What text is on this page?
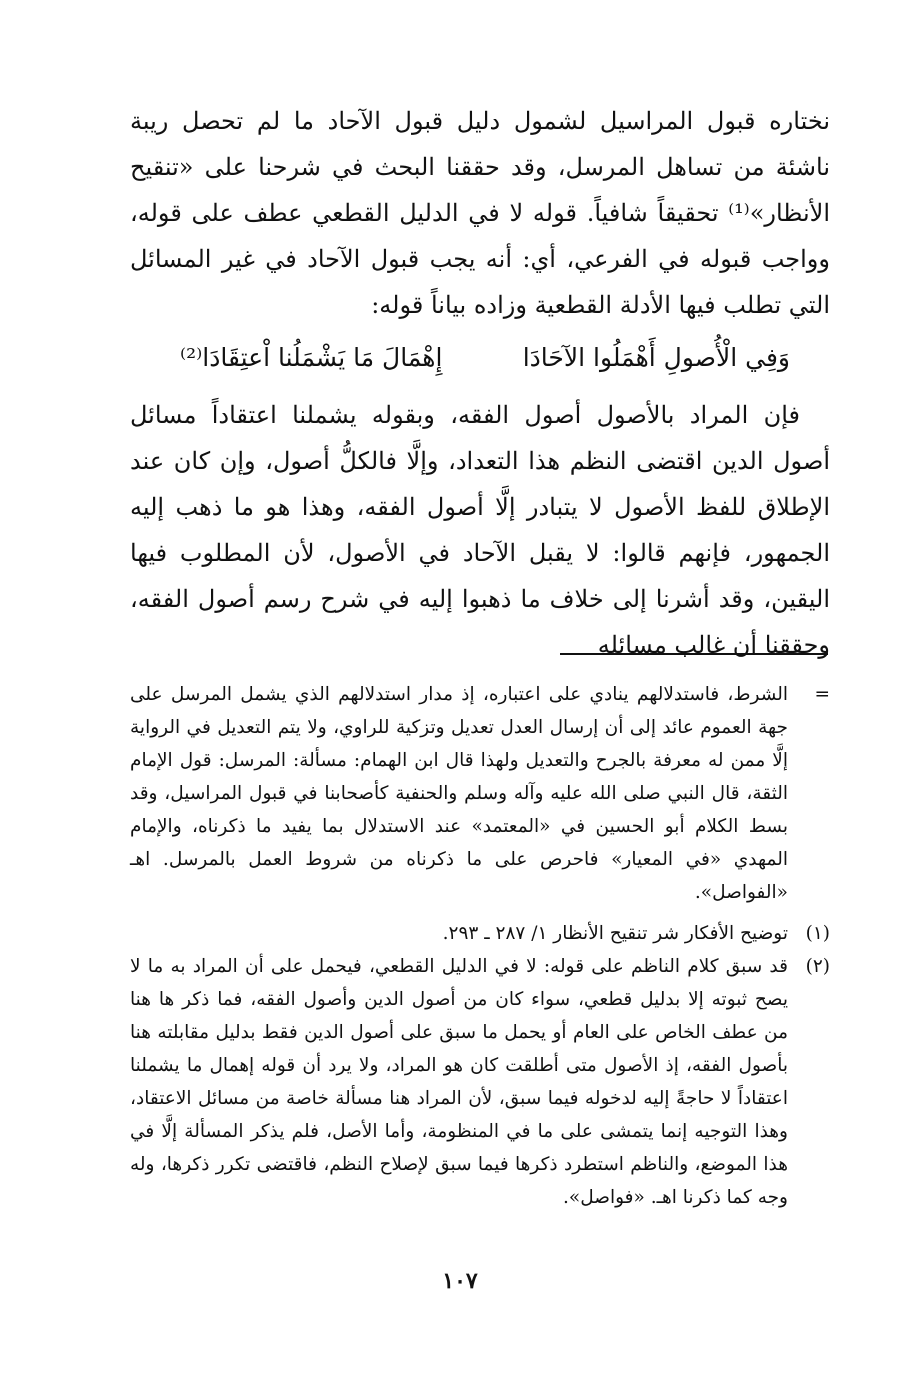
نختاره قبول المراسيل لشمول دليل قبول الآحاد ما لم تحصل ريبة ناشئة من تساهل المرسل، وقد حققنا البحث في شرحنا على «تنقيح الأنظار»⁽¹⁾ تحقيقاً شافياً. قوله لا في الدليل القطعي عطف على قوله، وواجب قبوله في الفرعي، أي: أنه يجب قبول الآحاد في غير المسائل التي تطلب فيها الأدلة القطعية وزاده بياناً قوله:

وَفِي الْأُصولِ أَهْمَلُوا الآحَادَا
إِهْمَالَ مَا يَشْمَلُنا اْعتِقَادَا⁽²⁾

فإن المراد بالأصول أصول الفقه، وبقوله يشملنا اعتقاداً مسائل أصول الدين اقتضى النظم هذا التعداد، وإلَّا فالكلُّ أصول، وإن كان عند الإطلاق للفظ الأصول لا يتبادر إلَّا أصول الفقه، وهذا هو ما ذهب إليه الجمهور، فإنهم قالوا: لا يقبل الآحاد في الأصول، لأن المطلوب فيها اليقين، وقد أشرنا إلى خلاف ما ذهبوا إليه في شرح رسم أصول الفقه، وحققنا أن غالب مسائله

=
الشرط، فاستدلالهم ينادي على اعتباره، إذ مدار استدلالهم الذي يشمل المرسل على جهة العموم عائد إلى أن إرسال العدل تعديل وتزكية للراوي، ولا يتم التعديل في الرواية إلَّا ممن له معرفة بالجرح والتعديل ولهذا قال ابن الهمام: مسألة: المرسل: قول الإمام الثقة، قال النبي صلى الله عليه وآله وسلم والحنفية كأصحابنا في قبول المراسيل، وقد بسط الكلام أبو الحسين في «المعتمد» عند الاستدلال بما يفيد ما ذكرناه، والإمام المهدي «في المعيار» فاحرص على ما ذكرناه من شروط العمل بالمرسل. اهـ «الفواصل».
(١)
توضيح الأفكار شر تنقيح الأنظار ١/ ٢٨٧ ـ ٢٩٣.
(٢)
قد سبق كلام الناظم على قوله: لا في الدليل القطعي، فيحمل على أن المراد به ما لا يصح ثبوته إلا بدليل قطعي، سواء كان من أصول الدين وأصول الفقه، فما ذكر ها هنا من عطف الخاص على العام أو يحمل ما سبق على أصول الدين فقط بدليل مقابلته هنا بأصول الفقه، إذ الأصول متى أطلقت كان هو المراد، ولا يرد أن قوله إهمال ما يشملنا اعتقاداً لا حاجةً إليه لدخوله فيما سبق، لأن المراد هنا مسألة خاصة من مسائل الاعتقاد، وهذا التوجيه إنما يتمشى على ما في المنظومة، وأما الأصل، فلم يذكر المسألة إلَّا في هذا الموضع، والناظم استطرد ذكرها فيما سبق لإصلاح النظم، فاقتضى تكرر ذكرها، وله وجه كما ذكرنا اهـ. «فواصل».
١٠٧
